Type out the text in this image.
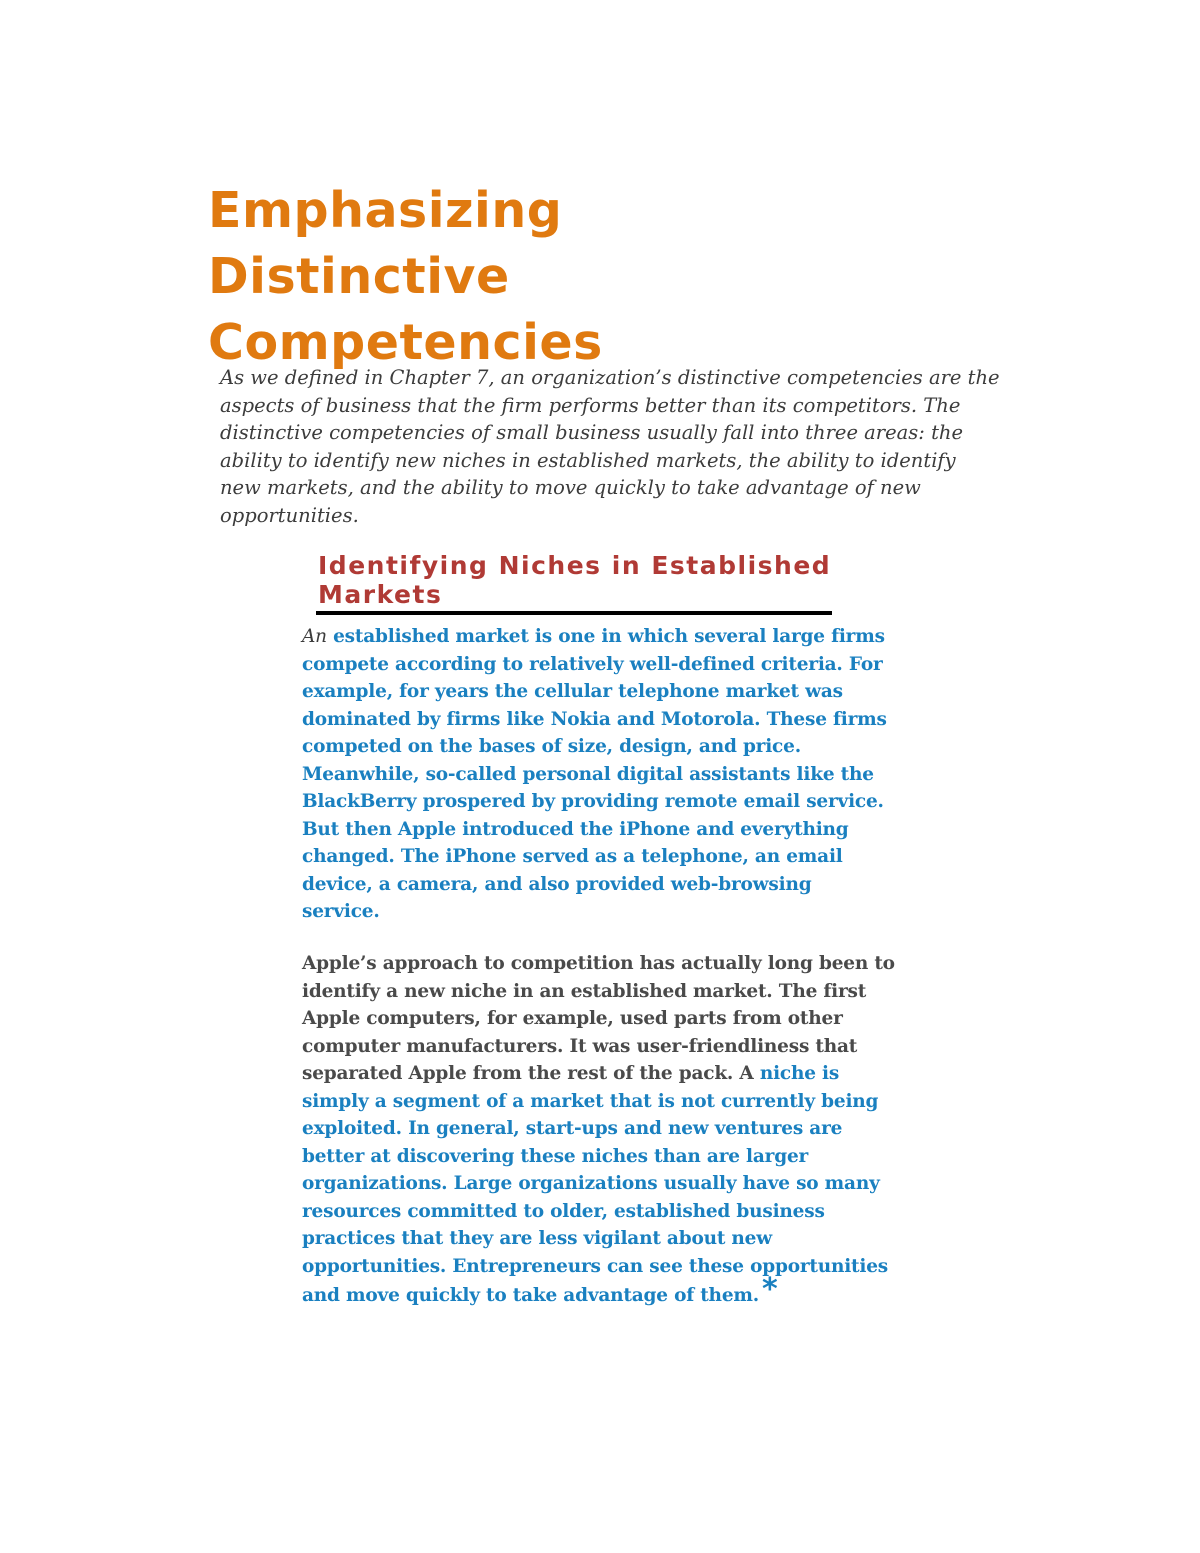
Emphasizing
Distinctive
Competencies

As we defined in Chapter 7, an organization’s distinctive competencies are the aspects of business that the firm performs better than its competitors. The distinctive competencies of small business usually fall into three areas: the ability to identify new niches in established markets, the ability to identify new markets, and the ability to move quickly to take advantage of new opportunities.

Identifying Niches in Established Markets

An established market is one in which several large firms compete according to relatively well-defined criteria. For example, for years the cellular telephone market was dominated by firms like Nokia and Motorola. These firms competed on the bases of size, design, and price. Meanwhile, so-called personal digital assistants like the BlackBerry prospered by providing remote email service. But then Apple introduced the iPhone and everything changed. The iPhone served as a telephone, an email device, a camera, and also provided web-browsing service.

Apple’s approach to competition has actually long been to identify a new niche in an established market. The first Apple computers, for example, used parts from other computer manufacturers. It was user-friendliness that separated Apple from the rest of the pack. A niche is simply a segment of a market that is not currently being exploited. In general, start-ups and new ventures are better at discovering these niches than are larger organizations. Large organizations usually have so many resources committed to older, established business practices that they are less vigilant about new opportunities. Entrepreneurs can see these opportunities and move quickly to take advantage of them. *
